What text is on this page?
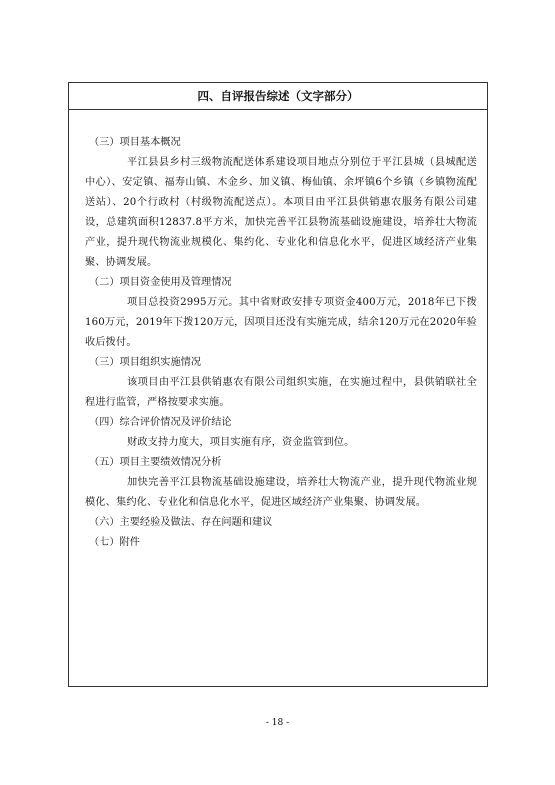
四、自评报告综述（文字部分）

（三）项目基本概况

平江县县乡村三级物流配送体系建设项目地点分别位于平江县城（县城配送中心）、安定镇、福寿山镇、木金乡、加义镇、梅仙镇、余坪镇6个乡镇（乡镇物流配送站）、20个行政村（村级物流配送点）。本项目由平江县供销惠农服务有限公司建设，总建筑面积12837.8平方米，加快完善平江县物流基础设施建设，培养壮大物流产业，提升现代物流业规模化、集约化、专业化和信息化水平，促进区域经济产业集聚、协调发展。

（二）项目资金使用及管理情况

项目总投资2995万元。其中省财政安排专项资金400万元，2018年已下拨160万元，2019年下拨120万元，因项目还没有实施完成，结余120万元在2020年验收后拨付。

（三）项目组织实施情况

该项目由平江县供销惠农有限公司组织实施，在实施过程中，县供销联社全程进行监管，严格按要求实施。

（四）综合评价情况及评价结论

财政支持力度大，项目实施有序，资金监管到位。

（五）项目主要绩效情况分析

加快完善平江县物流基础设施建设，培养壮大物流产业，提升现代物流业规模化、集约化、专业化和信息化水平，促进区域经济产业集聚、协调发展。

（六）主要经验及做法、存在问题和建议

（七）附件

- 18 -
